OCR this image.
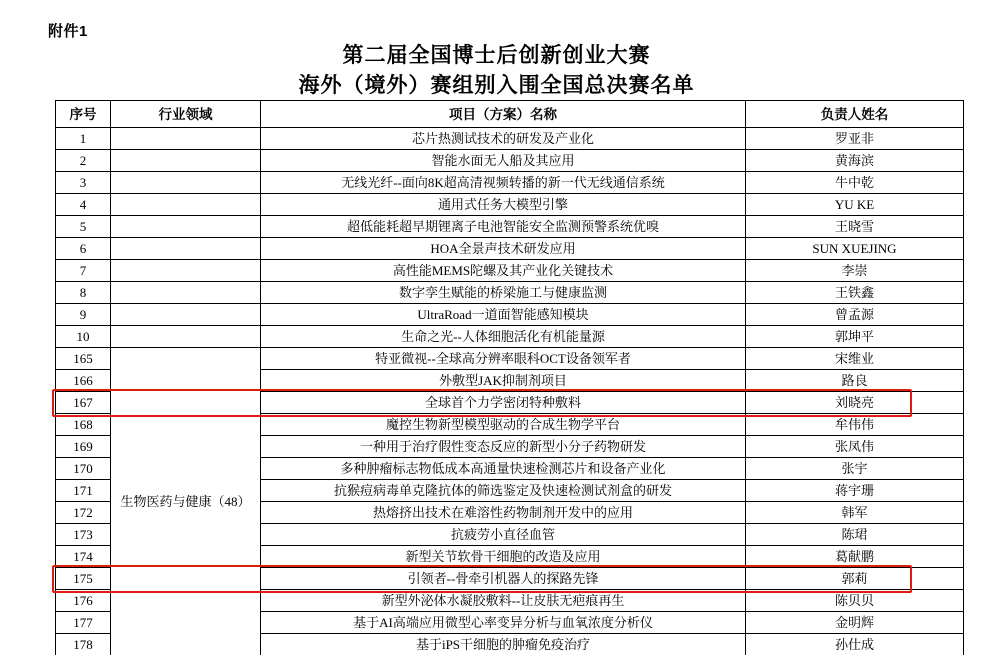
附件1
第二届全国博士后创新创业大赛
海外（境外）赛组别入围全国总决赛名单
序号	行业领域	项目（方案）名称	负责人姓名
1		芯片热测试技术的研发及产业化	罗亚非
2		智能水面无人船及其应用	黄海滨
3		无线光纤--面向8K超高清视频转播的新一代无线通信系统	牛中乾
4		通用式任务大模型引擎	YU KE
5		超低能耗超早期锂离子电池智能安全监测预警系统优嗅	王晓雪
6		HOA全景声技术研发应用	SUN XUEJING
7		高性能MEMS陀螺及其产业化关键技术	李崇
8		数字孪生赋能的桥梁施工与健康监测	王铁鑫
9		UltraRoad一道面智能感知模块	曾孟源
10		生命之光--人体细胞活化有机能量源	郭坤平
165	生物医药与健康（48）	特亚微视--全球高分辨率眼科OCT设备领军者	宋维业
166		外敷型JAK抑制剂项目	路良
167		全球首个力学密闭特种敷料	刘晓亮
168		魔控生物新型模型驱动的合成生物学平台	牟伟伟
169		一种用于治疗假性变态反应的新型小分子药物研发	张凤伟
170		多种肿瘤标志物低成本高通量快速检测芯片和设备产业化	张宇
171		抗猴痘病毒单克隆抗体的筛选鉴定及快速检测试剂盒的研发	蒋宇珊
172		热熔挤出技术在难溶性药物制剂开发中的应用	韩军
173		抗疲劳小直径血管	陈珺
174		新型关节软骨干细胞的改造及应用	葛献鹏
175		引领者--骨牵引机器人的探路先锋	郭莉
176		新型外泌体水凝胶敷料--让皮肤无疤痕再生	陈贝贝
177		基于AI高端应用微型心率变异分析与血氧浓度分析仪	金明辉
178		基于iPS干细胞的肿瘤免疫治疗	孙仕成
